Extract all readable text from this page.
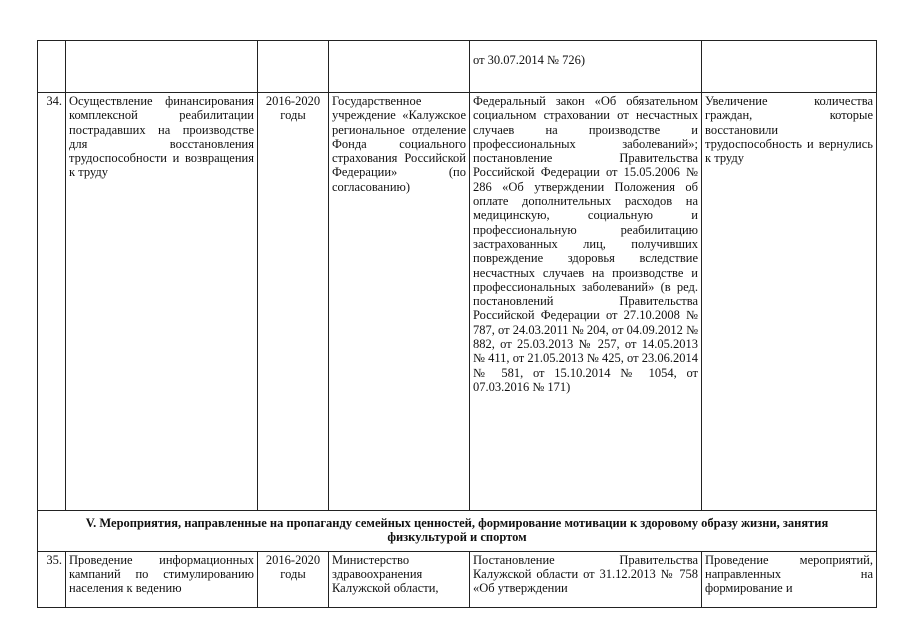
				от 30.07.2014 № 726)	
34.	Осуществление финансирования комплексной реабилитации пострадавших на производстве для восстановления трудоспособности и возвращения к труду	2016-2020 годы	Государственное учреждение «Калужское региональное отделение Фонда социального страхования Российской Федерации» (по согласованию)	Федеральный закон «Об обязательном социальном страховании от несчастных случаев на производстве и профессиональных заболеваний»; постановление Правительства Российской Федерации от 15.05.2006 № 286 «Об утверждении Положения об оплате дополнительных расходов на медицинскую, социальную и профессиональную реабилитацию застрахованных лиц, получивших повреждение здоровья вследствие несчастных случаев на производстве и профессиональных заболеваний» (в ред. постановлений Правительства Российской Федерации от 27.10.2008 № 787, от 24.03.2011 № 204, от 04.09.2012 № 882, от 25.03.2013 № 257, от 14.05.2013 № 411, от 21.05.2013 № 425, от 23.06.2014 № 581, от 15.10.2014 № 1054, от 07.03.2016 № 171)	Увеличение количества граждан, которые восстановили трудоспособность и вернулись к труду
V. Мероприятия, направленные на пропаганду семейных ценностей, формирование мотивации к здоровому образу жизни, занятия физкультурой и спортом					
35.	Проведение информационных кампаний по стимулированию населения к ведению	2016-2020 годы	Министерство здравоохранения Калужской области,	Постановление Правительства Калужской области от 31.12.2013 № 758 «Об утверждении	Проведение мероприятий, направленных на формирование и
